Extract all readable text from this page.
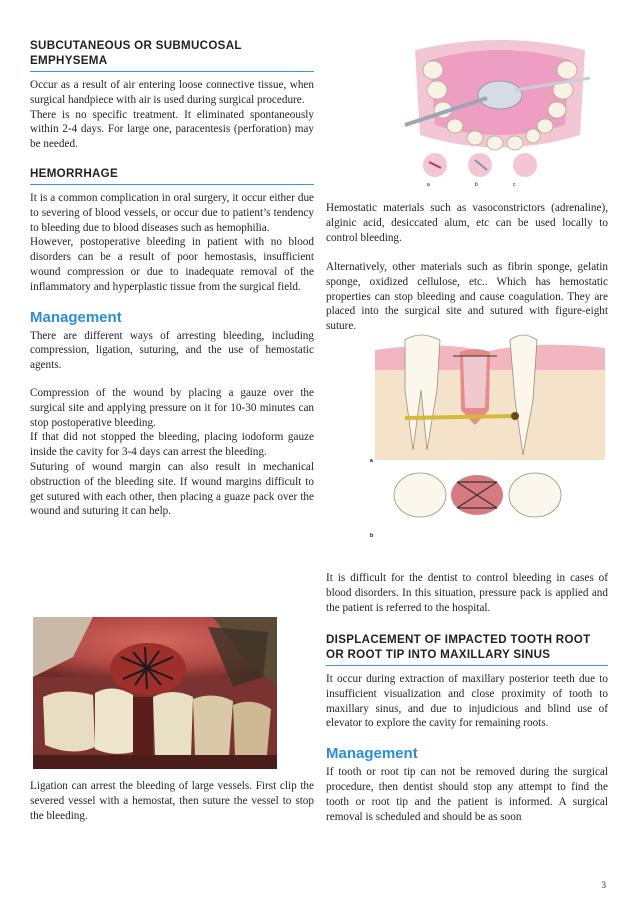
SUBCUTANEOUS OR SUBMUCOSAL EMPHYSEMA

Occur as a result of air entering loose connective tissue, when surgical handpiece with air is used during surgical procedure.

There is no specific treatment. It eliminated spontaneously within 2-4 days. For large one, paracentesis (perforation) may be needed.

HEMORRHAGE

It is a common complication in oral surgery, it occur either due to severing of blood vessels, or occur due to patient’s tendency to bleeding due to blood diseases such as hemophilia.

However, postoperative bleeding in patient with no blood disorders can be a result of poor hemostasis, insufficient wound compression or due to inadequate removal of the inflammatory and hyperplastic tissue from the surgical field.

Management

There are different ways of arresting bleeding, including compression, ligation, suturing, and the use of hemostatic agents.

Compression of the wound by placing a gauze over the surgical site and applying pressure on it for 10-30 minutes can stop postoperative bleeding.

If that did not stopped the bleeding, placing iodoform gauze inside the cavity for 3-4 days can arrest the bleeding.

Suturing of wound margin can also result in mechanical obstruction of the bleeding site. If wound margins difficult to get sutured with each other, then placing a guaze pack over the wound and suturing it can help.

Ligation can arrest the bleeding of large vessels. First clip the severed vessel with a hemostat, then suture the vessel to stop the bleeding.

a	b	c

Hemostatic materials such as vasoconstrictors (adrenaline), alginic acid, desiccated alum, etc can be used locally to control bleeding.

Alternatively, other materials such as fibrin sponge, gelatin sponge, oxidized cellulose, etc.. Which has hemostatic properties can stop bleeding and cause coagulation. They are placed into the surgical site and sutured with figure-eight suture.

a
b

It is difficult for the dentist to control bleeding in cases of blood disorders. In this situation, pressure pack is applied and the patient is referred to the hospital.

DISPLACEMENT OF IMPACTED TOOTH ROOT OR ROOT TIP INTO MAXILLARY SINUS

It occur during extraction of maxillary posterior teeth due to insufficient visualization and close proximity of tooth to maxillary sinus, and due to injudicious and blind use of elevator to explore the cavity for remaining roots.

Management

If tooth or root tip can not be removed during the surgical procedure, then dentist should stop any attempt to find the tooth or root tip and the patient is informed. A surgical removal is scheduled and should be as soon

3
